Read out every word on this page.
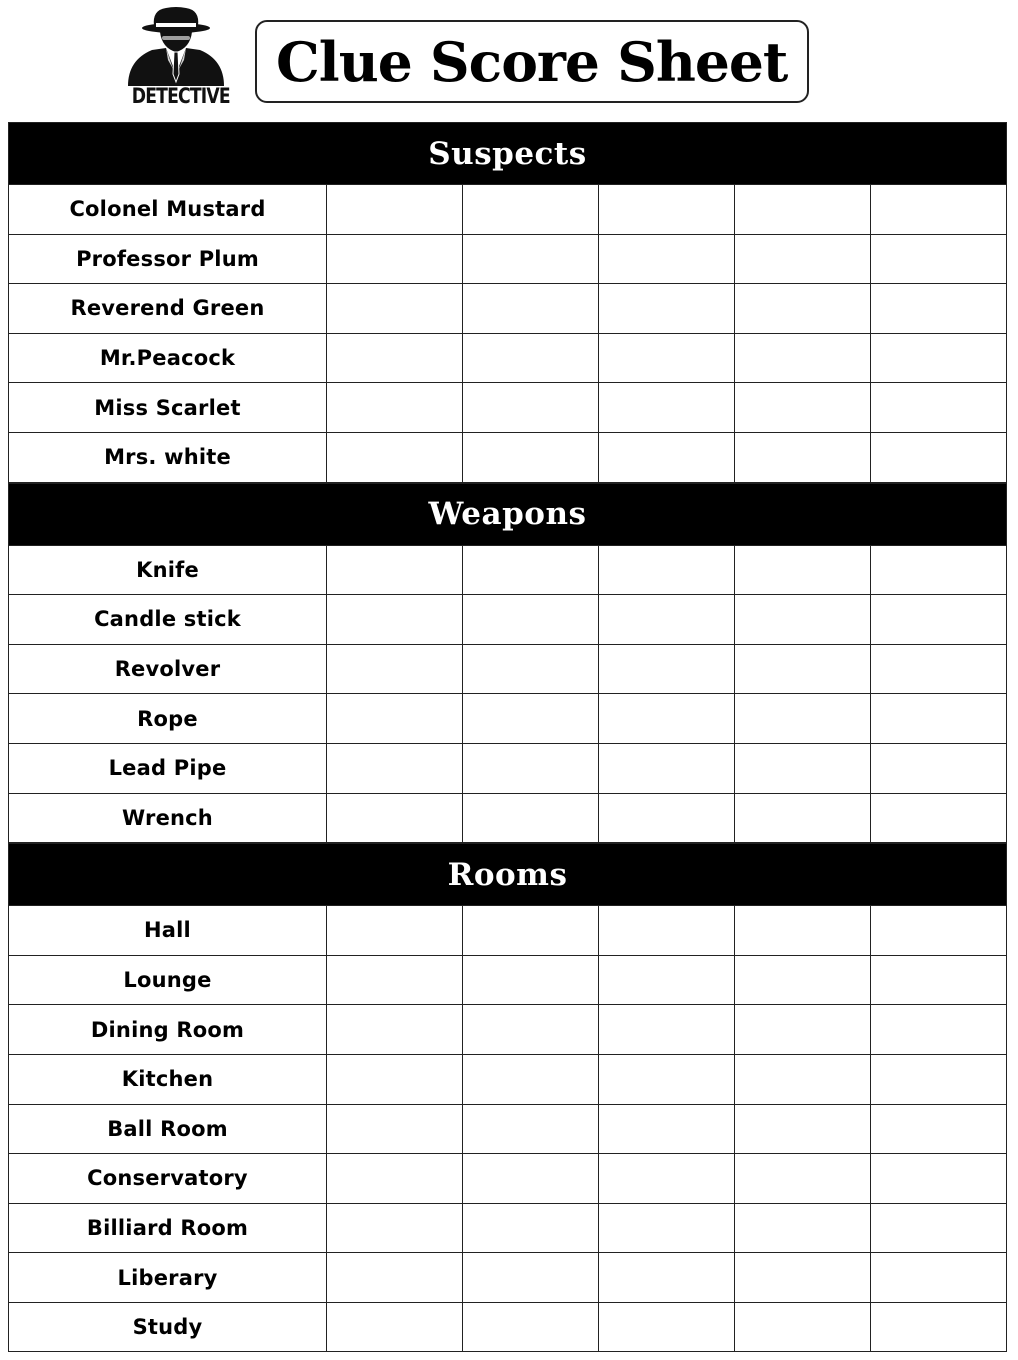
DETECTIVE
Clue Score Sheet
Suspects
Colonel Mustard
Professor Plum
Reverend Green
Mr.Peacock
Miss Scarlet
Mrs. white
Weapons
Knife
Candle stick
Revolver
Rope
Lead Pipe
Wrench
Rooms
Hall
Lounge
Dining Room
Kitchen
Ball Room
Conservatory
Billiard Room
Liberary
Study
